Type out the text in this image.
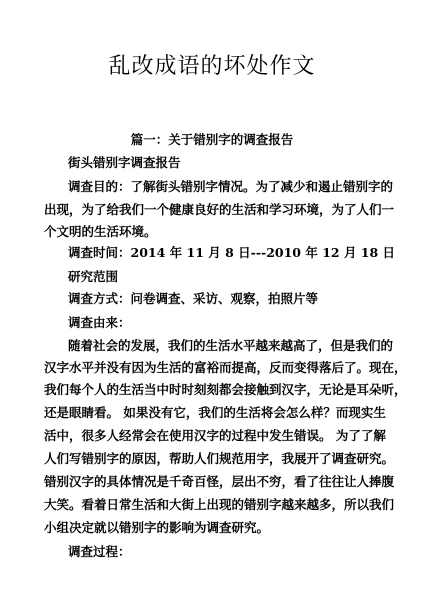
乱改成语的坏处作文
篇一：关于错别字的调查报告
街头错别字调查报告
调查目的：了解街头错别字情况。为了减少和遏止错别字的
出现，为了给我们一个健康良好的生活和学习环境，为了人们一
个文明的生活环境。
调查时间：2014 年 11 月 8 日---2010 年 12 月 18 日
研究范围
调查方式：问卷调查、采访、观察，拍照片等
调查由来：
随着社会的发展，我们的生活水平越来越高了，但是我们的
汉字水平并没有因为生活的富裕而提高，反而变得落后了。现在，
我们每个人的生活当中时时刻刻都会接触到汉字，无论是耳朵听，
还是眼睛看。 如果没有它，我们的生活将会怎么样？而现实生
活中，很多人经常会在使用汉字的过程中发生错误。 为了了解
人们写错别字的原因，帮助人们规范用字，我展开了调查研究。
错别汉字的具体情况是千奇百怪，层出不穷，看了往往让人捧腹
大笑。看着日常生活和大街上出现的错别字越来越多，所以我们
小组决定就以错别字的影响为调查研究。
调查过程：
